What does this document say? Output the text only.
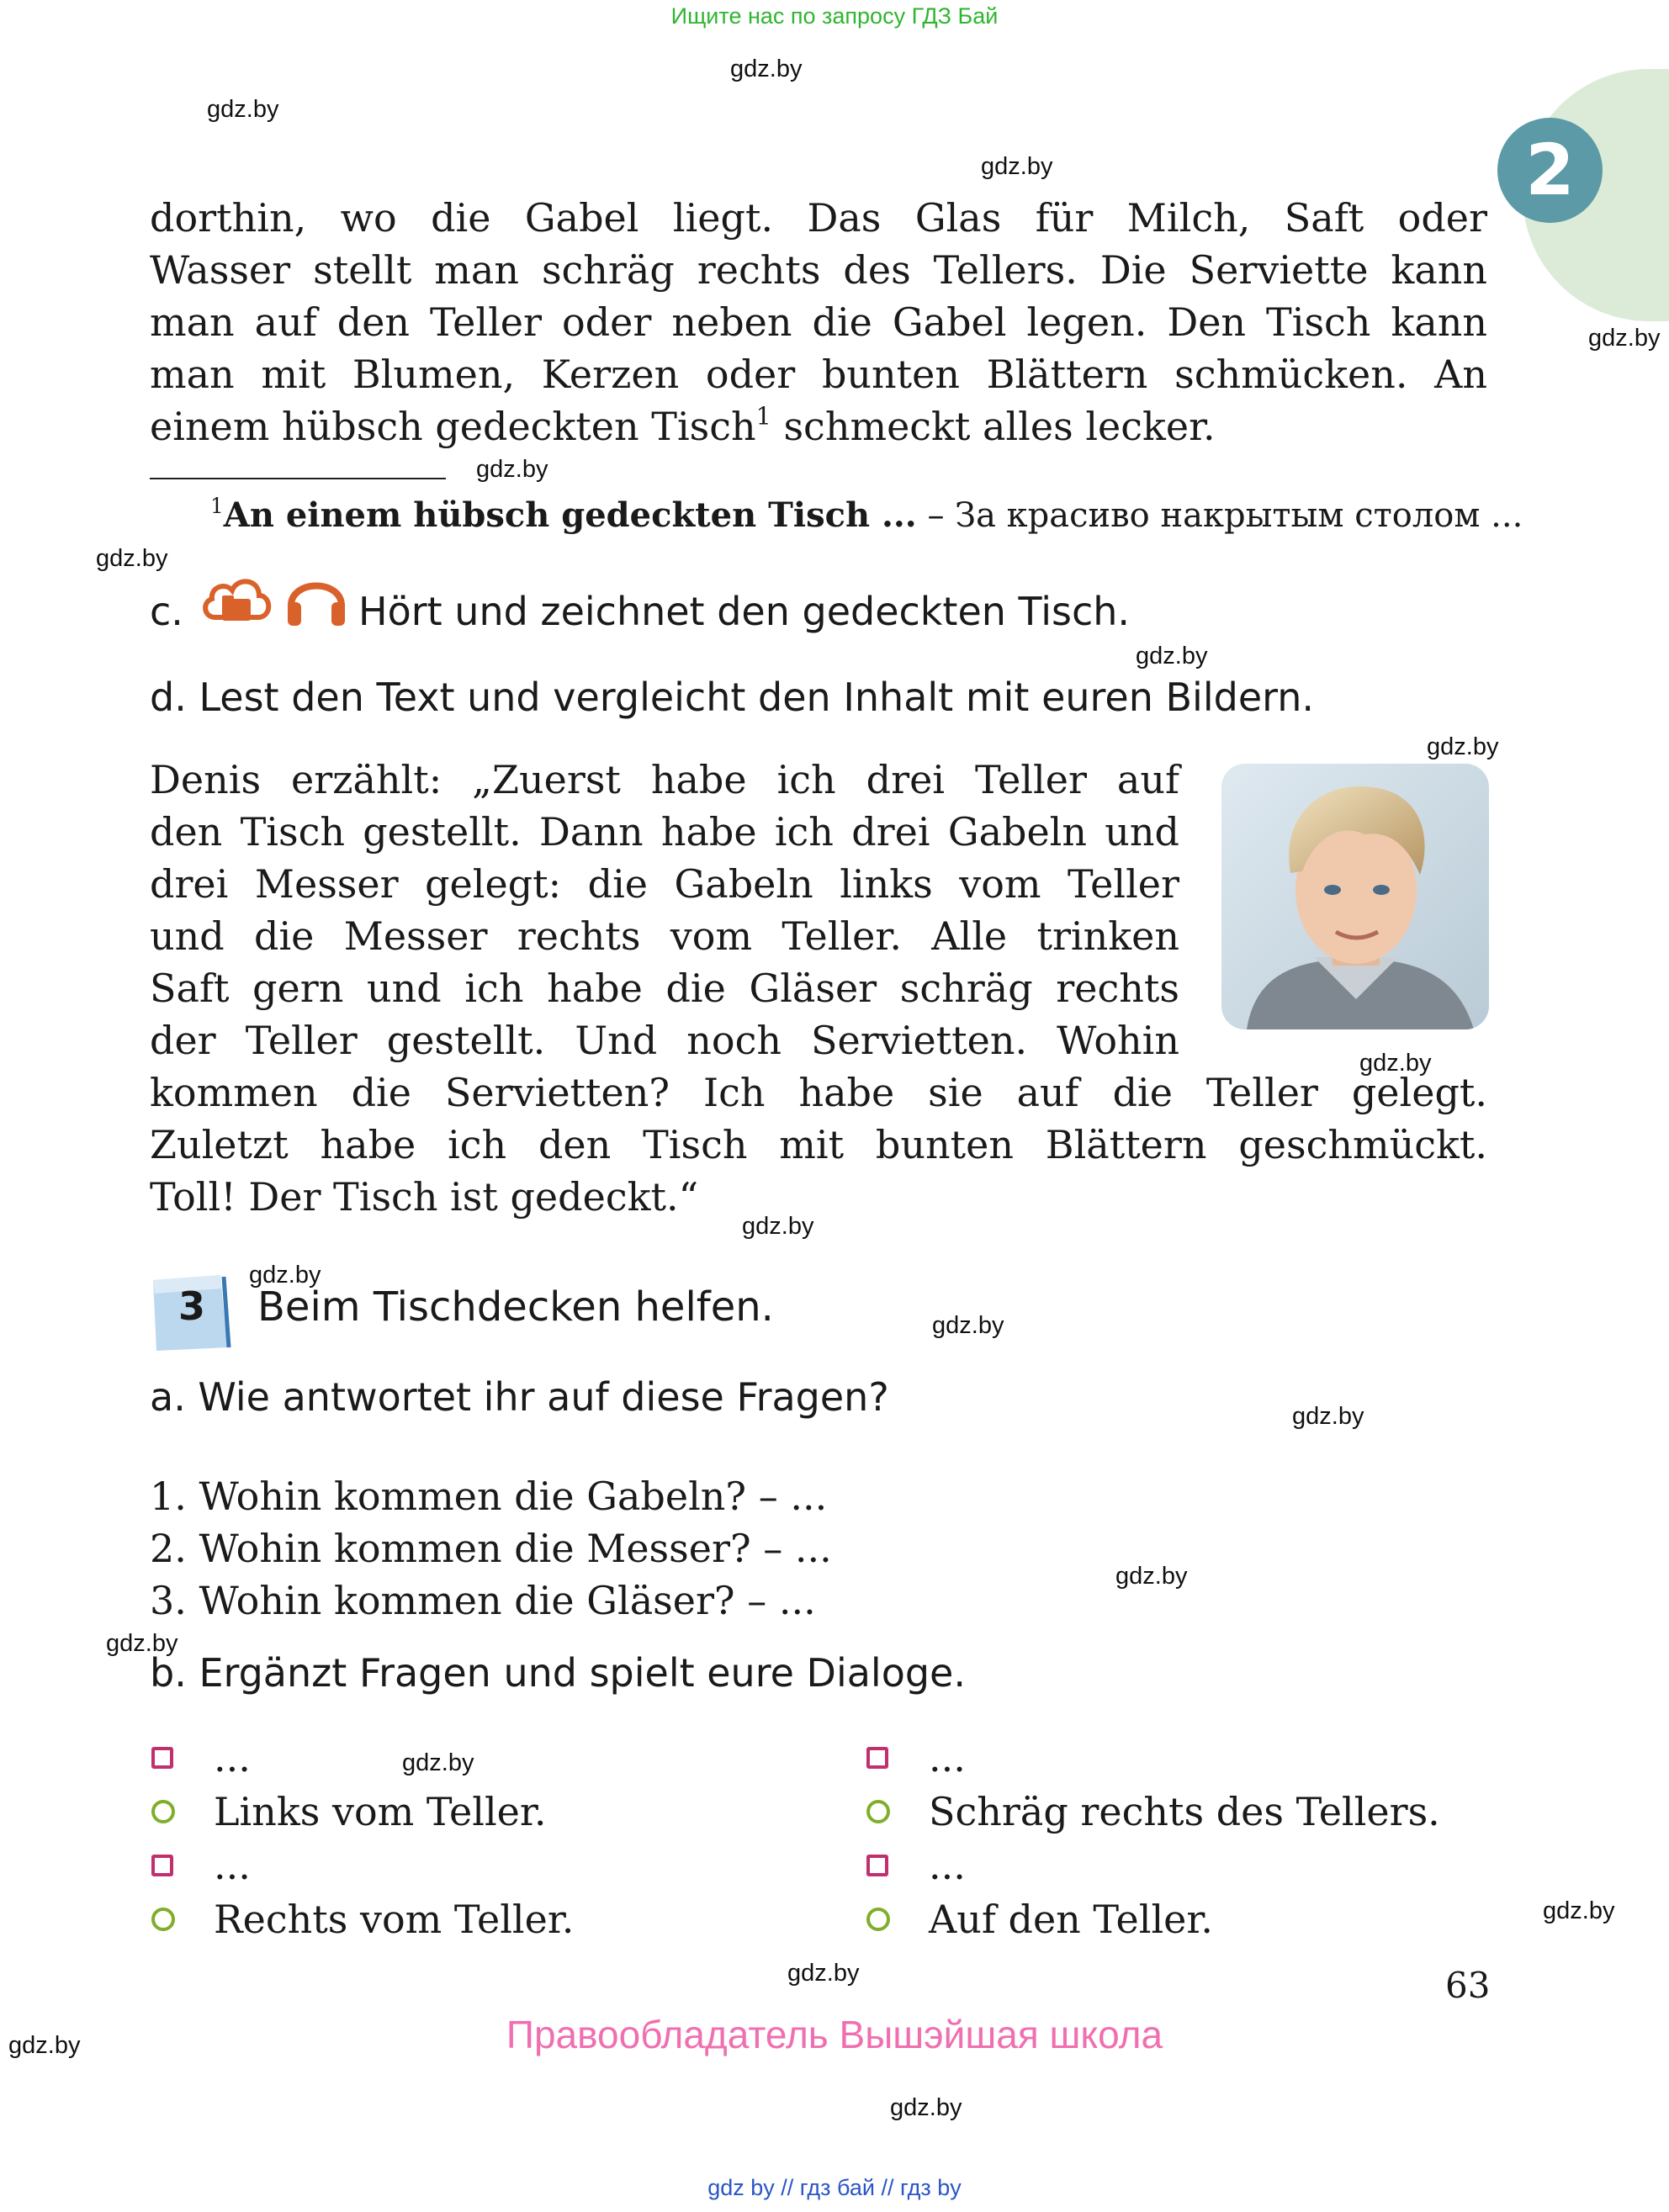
Ищите нас по запросу ГДЗ Бай
2
dorthin, wo die Gabel liegt. Das Glas für Milch, Saft oder
Wasser stellt man schräg rechts des Tellers. Die Serviette kann
man auf den Teller oder neben die Gabel legen. Den Tisch kann
man mit Blumen, Kerzen oder bunten Blättern schmücken. An
einem hübsch gedeckten Tisch$^1$ schmeckt alles lecker.
$^1$An einem hübsch gedeckten Tisch ... – За красиво накрытым столом ...
c.	Hört und zeichnet den gedeckten Tisch.
d. Lest den Text und vergleicht den Inhalt mit euren Bildern.
Denis erzählt: „Zuerst habe ich drei Teller auf
den Tisch gestellt. Dann habe ich drei Gabeln und
drei Messer gelegt: die Gabeln links vom Teller
und die Messer rechts vom Teller. Alle trinken
Saft gern und ich habe die Gläser schräg rechts
der Teller gestellt. Und noch Servietten. Wohin
kommen die Servietten? Ich habe sie auf die Teller gelegt.
Zuletzt habe ich den Tisch mit bunten Blättern geschmückt.
Toll! Der Tisch ist gedeckt.“
3 Beim Tischdecken helfen.
a. Wie antwortet ihr auf diese Fragen?
1. Wohin kommen die Gabeln? – ...
2. Wohin kommen die Messer? – ...
3. Wohin kommen die Gläser? – ...
b. Ergänzt Fragen und spielt eure Dialoge.
...
Links vom Teller.
...
Rechts vom Teller.
...
Schräg rechts des Tellers.
...
Auf den Teller.
63
Правообладатель Вышэйшая школа
gdz by // гдз бай // гдз by
gdz.by
gdz.by
gdz.by
gdz.by
gdz.by
gdz.by
gdz.by
gdz.by
gdz.by
gdz.by
gdz.by
gdz.by
gdz.by
gdz.by
gdz.by
gdz.by
gdz.by
gdz.by
gdz.by
gdz.by
